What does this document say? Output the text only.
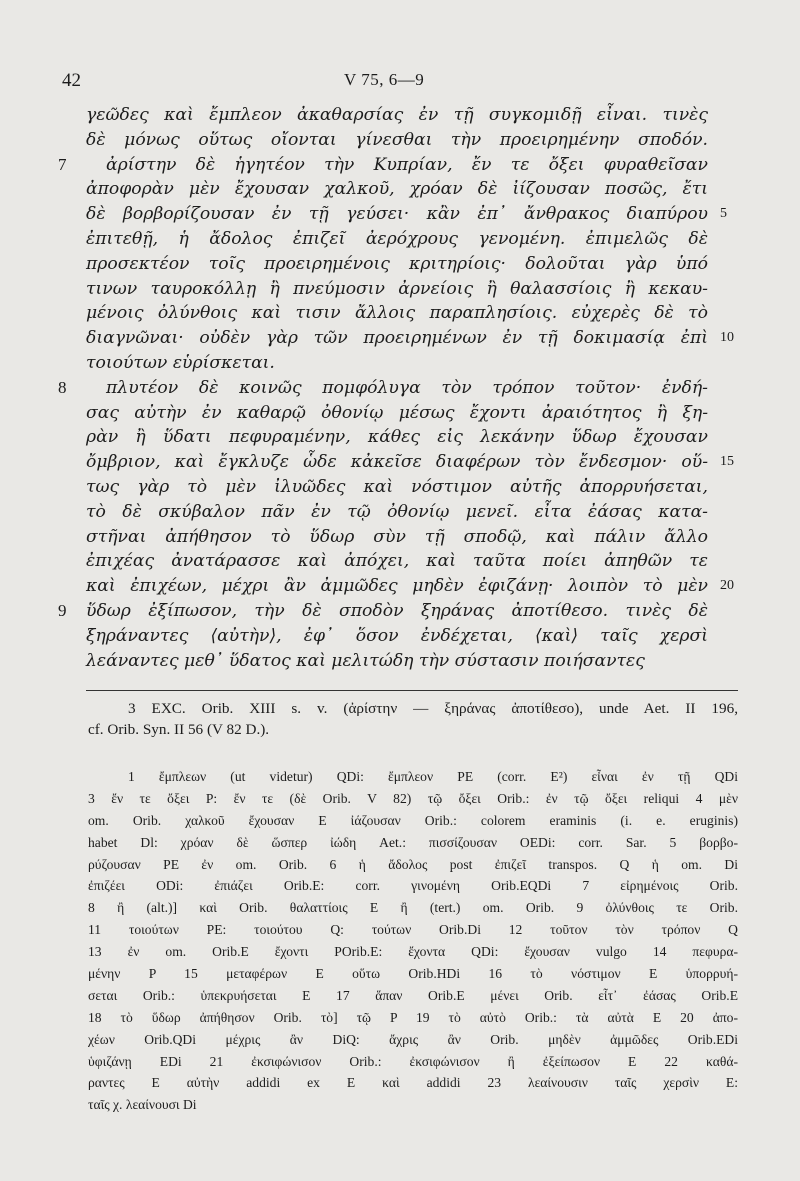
42	V 75, 6—9
γεῶδες καὶ ἔμπλεον ἀκαθαρσίας ἐν τῇ συγκομιδῇ εἶναι. τινὲς
δὲ μόνως οὕτως οἴονται γίνεσθαι τὴν προειρημένην σποδόν.
7 ἀρίστην δὲ ἡγητέον τὴν Κυπρίαν, ἔν τε ὄξει φυραθεῖσαν
ἀποφορὰν μὲν ἔχουσαν χαλκοῦ, χρόαν δὲ ἰίζουσαν ποσῶς, ἔτι
δὲ βορβορίζουσαν ἐν τῇ γεύσει· κἂν ἐπ᾿ ἄνθρακος διαπύρου 5
ἐπιτεθῇ, ἡ ἄδολος ἐπιζεῖ ἀερόχρους γενομένη. ἐπιμελῶς δὲ
προσεκτέον τοῖς προειρημένοις κριτηρίοις· δολοῦται γὰρ ὑπό
τινων ταυροκόλλῃ ἢ πνεύμοσιν ἀρνείοις ἢ θαλασσίοις ἢ κεκαυ-
μένοις ὀλύνθοις καὶ τισιν ἄλλοις παραπλησίοις. εὐχερὲς δὲ τὸ
διαγνῶναι· οὐδὲν γὰρ τῶν προειρημένων ἐν τῇ δοκιμασίᾳ ἐπὶ 10
τοιούτων εὑρίσκεται.
8 πλυτέον δὲ κοινῶς πομφόλυγα τὸν τρόπον τοῦτον· ἐνδή-
σας αὐτὴν ἐν καθαρῷ ὀθονίῳ μέσως ἔχοντι ἀραιότητος ἢ ξη-
ρὰν ἢ ὕδατι πεφυραμένην, κάθες εἰς λεκάνην ὕδωρ ἔχουσαν
ὄμβριον, καὶ ἔγκλυζε ὧδε κἀκεῖσε διαφέρων τὸν ἔνδεσμον· οὕ- 15
τως γὰρ τὸ μὲν ἰλυῶδες καὶ νόστιμον αὐτῆς ἀπορρυήσεται,
τὸ δὲ σκύβαλον πᾶν ἐν τῷ ὀθονίῳ μενεῖ. εἶτα ἐάσας κατα-
στῆναι ἀπήθησον τὸ ὕδωρ σὺν τῇ σποδῷ, καὶ πάλιν ἄλλο
ἐπιχέας ἀνατάρασσε καὶ ἀπόχει, καὶ ταῦτα ποίει ἀπηθῶν τε
καὶ ἐπιχέων, μέχρι ἂν ἀμμῶδες μηδὲν ἐφιζάνῃ· λοιπὸν τὸ μὲν 20
9 ὕδωρ ἐξίπωσον, τὴν δὲ σποδὸν ξηράνας ἀποτίθεσο. τινὲς δὲ
ξηράναντες ⟨αὐτὴν⟩, ἐφ᾿ ὅσον ἐνδέχεται, ⟨καὶ⟩ ταῖς χερσὶ
λεάναντες μεθ᾿ ὕδατος καὶ μελιτώδη τὴν σύστασιν ποιήσαντες
3 EXC. Orib. XIII s. v. (ἀρίστην — ξηράνας ἀποτίθεσο), unde Aet. II 196,
cf. Orib. Syn. II 56 (V 82 D.).
1 ἔμπλεων (ut videtur) QDi: ἔμπλεον PE (corr. E²) εἶναι ἐν τῇ QDi
3 ἔν τε ὄξει P: ἔν τε (δὲ Orib. V 82) τῷ ὄξει Orib.: ἐν τῷ ὄξει reliqui 4 μὲν
om. Orib. χαλκοῦ ἔχουσαν E ἰάζουσαν Orib.: colorem eraminis (i. e. eruginis)
habet Dl: χρόαν δὲ ὥσπερ ἰώδη Aet.: πισσίζουσαν OEDi: corr. Sar. 5 βορβο-
ρύζουσαν PE ἐν om. Orib. 6 ἡ ἄδολος post ἐπιζεῖ transpos. Q ἡ om. Di
ἐπιζέει ODi: ἐπιάζει Orib.E: corr. γινομένη Orib.EQDi 7 εἰρημένοις Orib.
8 ἢ (alt.)] καὶ Orib. θαλαττίοις E ἢ (tert.) om. Orib. 9 ὀλύνθοις τε Orib.
11 τοιούτων PE: τοιούτου Q: τούτων Orib.Di 12 τοῦτον τὸν τρόπον Q
13 ἐν om. Orib.E ἔχοντι POrib.E: ἔχοντα QDi: ἔχουσαν vulgo 14 πεφυρα-
μένην P 15 μεταφέρων E οὕτω Orib.HDi 16 τὸ νόστιμον E ὑπορρυή-
σεται Orib.: ὑπεκρυήσεται E 17 ἅπαν Orib.E μένει Orib. εἶτ᾿ ἐάσας Orib.E
18 τὸ ὕδωρ ἀπήθησον Orib. τὸ] τῷ P 19 τὸ αὐτὸ Orib.: τὰ αὐτὰ E 20 ἀπο-
χέων Orib.QDi μέχρις ἂν DiQ: ἄχρις ἂν Orib. μηδὲν ἀμμῶδες Orib.EDi
ὑφιζάνῃ EDi 21 ἐκσιφώνισον Orib.: ἐκσιφώνισον ἢ ἐξείπωσον E 22 καθά-
ραντες E αὐτὴν addidi ex E καὶ addidi 23 λεαίνουσιν ταῖς χερσὶν E:
ταῖς χ. λεαίνουσι Di
